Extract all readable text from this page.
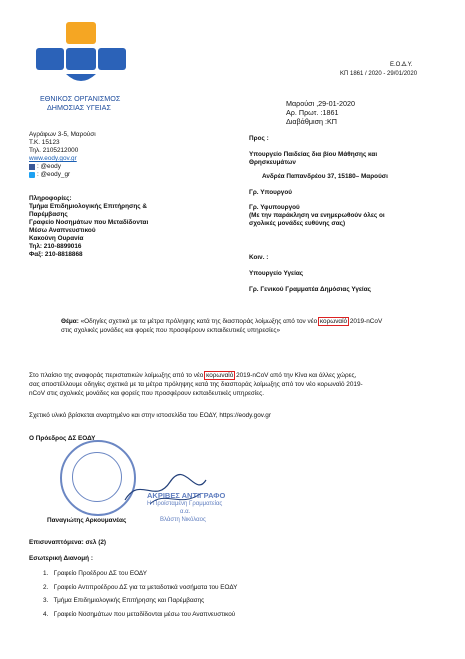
ΕΘΝΙΚΟΣ ΟΡΓΑΝΙΣΜΟΣ
ΔΗΜΟΣΙΑΣ ΥΓΕΙΑΣ
Ε.Ο.Δ.Υ.
ΚΠ 1861 / 2020 - 29/01/2020
Αγράφων 3-5, Μαρούσι
Τ.Κ. 15123
Τηλ. 2105212000
www.eody.gov.gr
: @eody
: @eody_gr
Πληροφορίες:
Τμήμα Επιδημιολογικής Επιτήρησης &
Παρέμβασης
Γραφείο Νοσημάτων που Μεταδίδονται
Μέσω Αναπνευστικού
Κακούνη Ουρανία
Τηλ: 210-8899016
Φαξ: 210-8818868
Μαρούσι ,29-01-2020
Αρ. Πρωτ. :1861
Διαβάθμιση :ΚΠ
Προς :
Υπουργείο Παιδείας δια βίου Μάθησης και
Θρησκευμάτων
Ανδρέα Παπανδρέου 37, 15180– Μαρούσι
Γρ. Υπουργού
Γρ. Υφυπουργού
(Με την παράκληση να ενημερωθούν όλες οι
σχολικές μονάδες ευθύνης σας)
Κοιν. :
Υπουργείο Υγείας
Γρ. Γενικού Γραμματέα Δημόσιας Υγείας
Θέμα: «Οδηγίες σχετικά με τα μέτρα πρόληψης κατά της διασποράς λοίμωξης από τον νέο κορωναϊό 2019-nCoV
στις σχολικές μονάδες και φορείς που προσφέρουν εκπαιδευτικές υπηρεσίες»
Στο πλαίσιο της αναφοράς περιστατικών λοίμωξης από το νέο κορωναϊό 2019-nCoV από την Κίνα και άλλες χώρες,
σας αποστέλλουμε οδηγίες σχετικά με τα μέτρα πρόληψης κατά της διασποράς λοίμωξης από τον νέο κορωναϊό 2019-
nCoV στις σχολικές μονάδες και φορείς που προσφέρουν εκπαιδευτικές υπηρεσίες.
Σχετικό υλικό βρίσκεται αναρτημένο και στην ιστοσελίδα του ΕΟΔΥ, https://eody.gov.gr
Ο Πρόεδρος ΔΣ ΕΟΔΥ
ΑΚΡΙΒΕΣ ΑΝΤΙΓΡΑΦΟ
Η Προϊσταμένη Γραμματείας
α.α.
Βλάστη Νικόλαος
Παναγιώτης Αρκουμανέας
Επισυναπτόμενα: σελ (2)
Εσωτερική Διανομή :
1.   Γραφείο Προέδρου ΔΣ του ΕΟΔΥ
2.   Γραφείο Αντιπροέδρου ΔΣ για τα μεταδοτικά νοσήματα του ΕΟΔΥ
3.   Τμήμα Επιδημιολογικής Επιτήρησης και Παρέμβασης
4.   Γραφείο Νοσημάτων που μεταδίδονται μέσω του Αναπνευστικού
